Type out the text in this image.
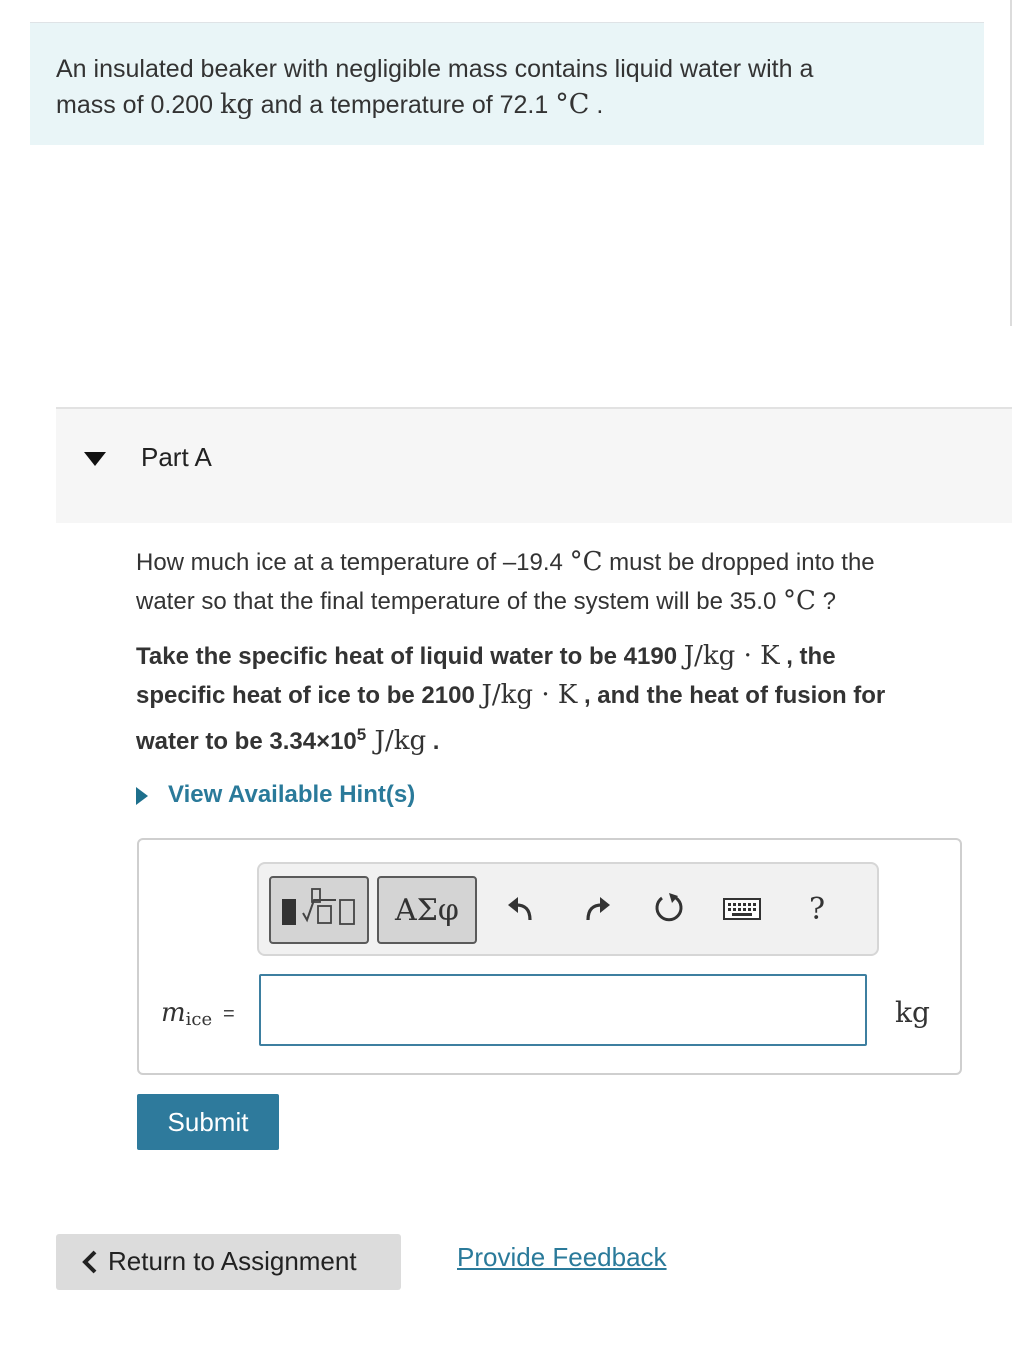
An insulated beaker with negligible mass contains liquid water with a
mass of 0.200 kg and a temperature of 72.1 °C .
Part A
How much ice at a temperature of –19.4 °C must be dropped into the
water so that the final temperature of the system will be 35.0 °C ?
Take the specific heat of liquid water to be 4190 J/kg · K , the
specific heat of ice to be 2100 J/kg · K , and the heat of fusion for
water to be $3.34\times 10^5$ J/kg .
View Available Hint(s)
ΑΣφ	?
$m_{ice}$ =	kg
Submit
Return to Assignment	Provide Feedback
